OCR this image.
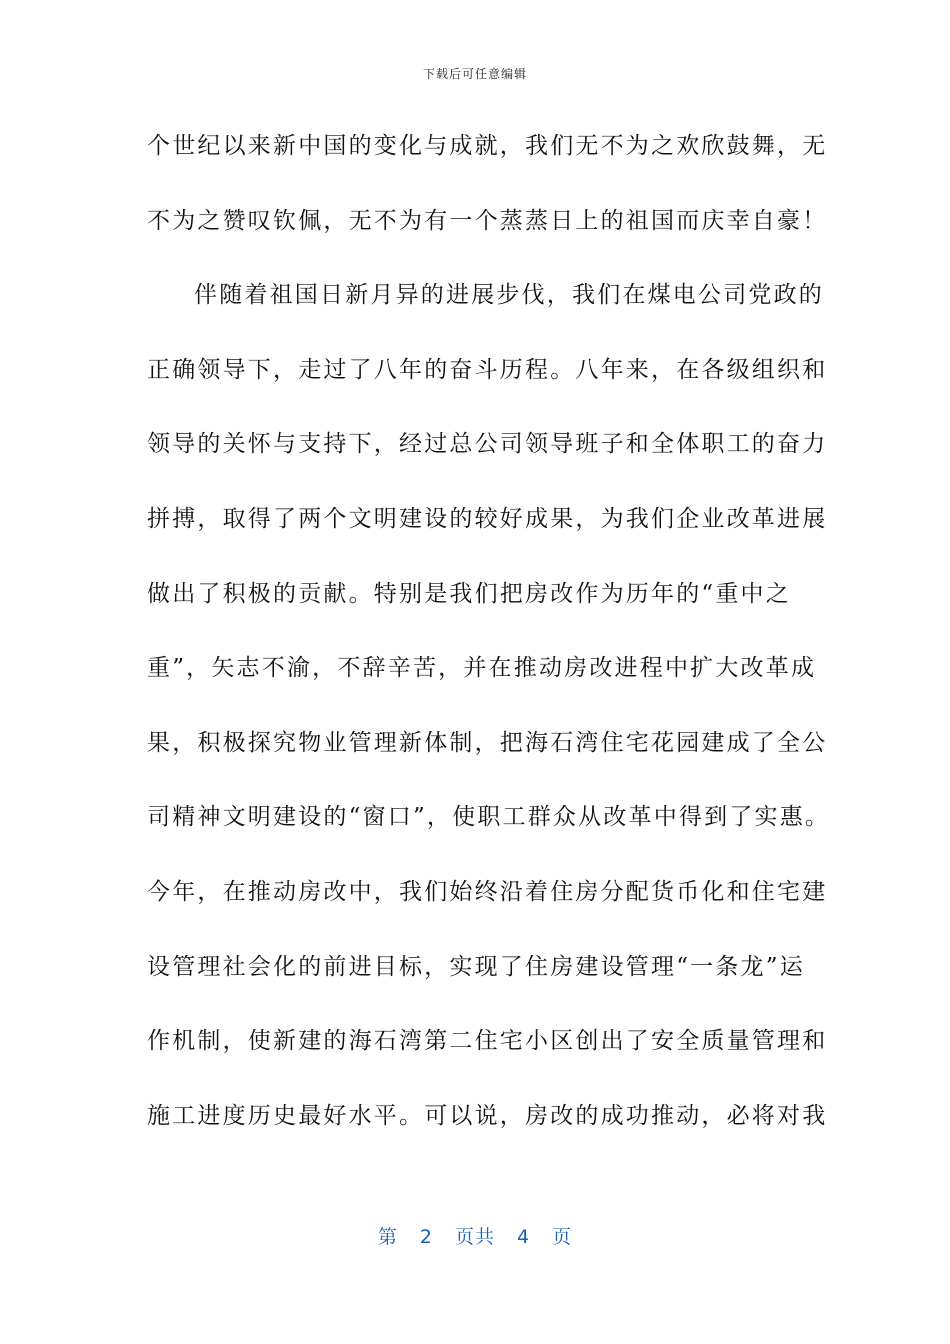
下载后可任意编辑
个世纪以来新中国的变化与成就，我们无不为之欢欣鼓舞，无
不为之赞叹钦佩，无不为有一个蒸蒸日上的祖国而庆幸自豪！
伴随着祖国日新月异的进展步伐，我们在煤电公司党政的
正确领导下，走过了八年的奋斗历程。八年来，在各级组织和
领导的关怀与支持下，经过总公司领导班子和全体职工的奋力
拼搏，取得了两个文明建设的较好成果，为我们企业改革进展
做出了积极的贡献。特别是我们把房改作为历年的“重中之
重”，矢志不渝，不辞辛苦，并在推动房改进程中扩大改革成
果，积极探究物业管理新体制，把海石湾住宅花园建成了全公
司精神文明建设的“窗口”，使职工群众从改革中得到了实惠。
今年，在推动房改中，我们始终沿着住房分配货币化和住宅建
设管理社会化的前进目标，实现了住房建设管理“一条龙”运
作机制，使新建的海石湾第二住宅小区创出了安全质量管理和
施工进度历史最好水平。可以说，房改的成功推动，必将对我
第 2 页共 4 页
